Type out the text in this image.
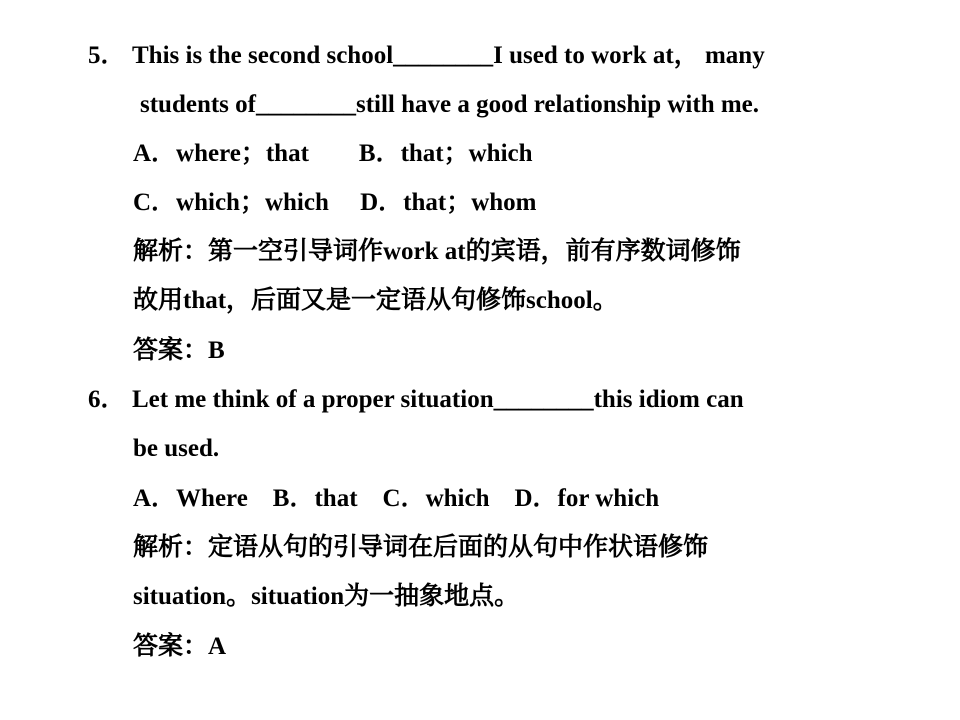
5． This is the second school________I used to work at， many
students of________still have a good relationship with me.
A．where；that　　B．that；which
C．which；which　 D．that；whom
解析：第一空引导词作work at的宾语，前有序数词修饰
故用that，后面又是一定语从句修饰school。
答案：B
6． Let me think of a proper situation________this idiom can
be used.
A．Where　B．that　C．which　D．for which
解析：定语从句的引导词在后面的从句中作状语修饰
situation。situation为一抽象地点。
答案：A
